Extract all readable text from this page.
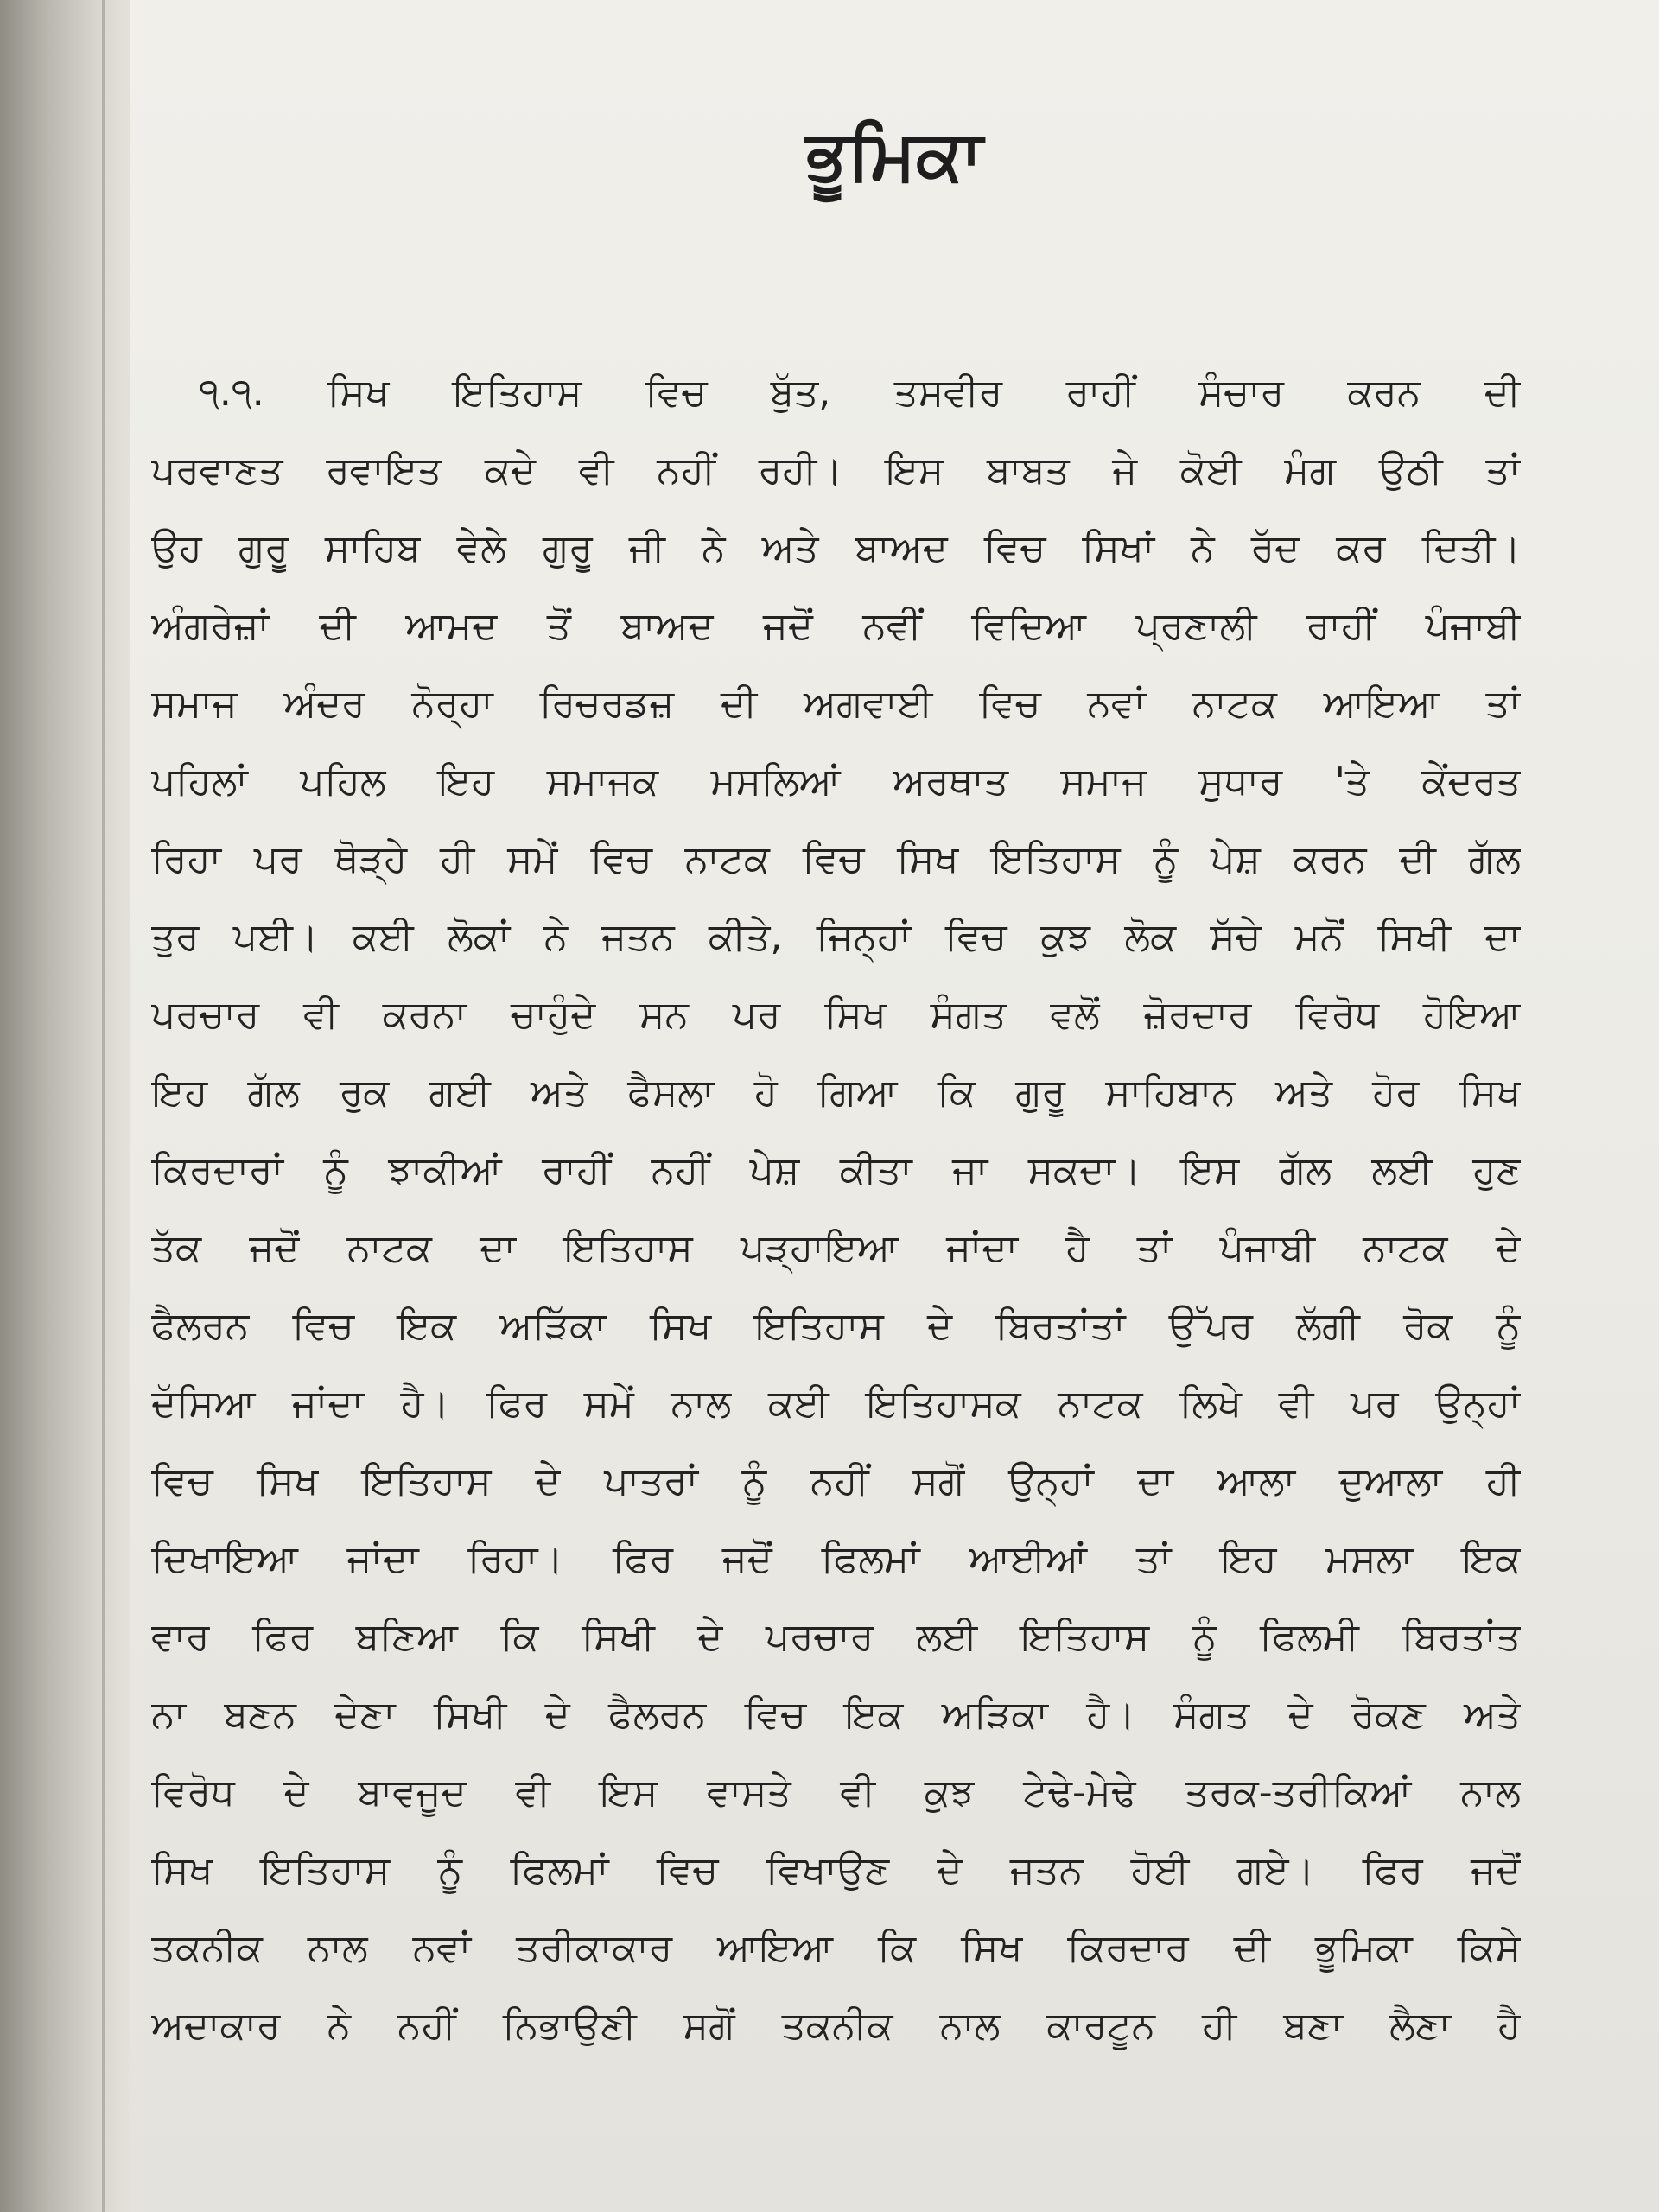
ਭੂਮਿਕਾ
੧.੧. ਸਿਖ ਇਤਿਹਾਸ ਵਿਚ ਬੁੱਤ, ਤਸਵੀਰ ਰਾਹੀਂ ਸੰਚਾਰ ਕਰਨ ਦੀ
ਪਰਵਾਣਤ ਰਵਾਇਤ ਕਦੇ ਵੀ ਨਹੀਂ ਰਹੀ। ਇਸ ਬਾਬਤ ਜੇ ਕੋਈ ਮੰਗ ਉਠੀ ਤਾਂ
ਉਹ ਗੁਰੂ ਸਾਹਿਬ ਵੇਲੇ ਗੁਰੂ ਜੀ ਨੇ ਅਤੇ ਬਾਅਦ ਵਿਚ ਸਿਖਾਂ ਨੇ ਰੱਦ ਕਰ ਦਿਤੀ।
ਅੰਗਰੇਜ਼ਾਂ ਦੀ ਆਮਦ ਤੋਂ ਬਾਅਦ ਜਦੋਂ ਨਵੀਂ ਵਿਦਿਆ ਪ੍ਰਣਾਲੀ ਰਾਹੀਂ ਪੰਜਾਬੀ
ਸਮਾਜ ਅੰਦਰ ਨੋਰ੍ਹਾ ਰਿਚਰਡਜ਼ ਦੀ ਅਗਵਾਈ ਵਿਚ ਨਵਾਂ ਨਾਟਕ ਆਇਆ ਤਾਂ
ਪਹਿਲਾਂ ਪਹਿਲ ਇਹ ਸਮਾਜਕ ਮਸਲਿਆਂ ਅਰਥਾਤ ਸਮਾਜ ਸੁਧਾਰ 'ਤੇ ਕੇਂਦਰਤ
ਰਿਹਾ ਪਰ ਥੋੜ੍ਹੇ ਹੀ ਸਮੇਂ ਵਿਚ ਨਾਟਕ ਵਿਚ ਸਿਖ ਇਤਿਹਾਸ ਨੂੰ ਪੇਸ਼ ਕਰਨ ਦੀ ਗੱਲ
ਤੁਰ ਪਈ। ਕਈ ਲੋਕਾਂ ਨੇ ਜਤਨ ਕੀਤੇ, ਜਿਨ੍ਹਾਂ ਵਿਚ ਕੁਝ ਲੋਕ ਸੱਚੇ ਮਨੋਂ ਸਿਖੀ ਦਾ
ਪਰਚਾਰ ਵੀ ਕਰਨਾ ਚਾਹੁੰਦੇ ਸਨ ਪਰ ਸਿਖ ਸੰਗਤ ਵਲੋਂ ਜ਼ੋਰਦਾਰ ਵਿਰੋਧ ਹੋਇਆ
ਇਹ ਗੱਲ ਰੁਕ ਗਈ ਅਤੇ ਫੈਸਲਾ ਹੋ ਗਿਆ ਕਿ ਗੁਰੂ ਸਾਹਿਬਾਨ ਅਤੇ ਹੋਰ ਸਿਖ
ਕਿਰਦਾਰਾਂ ਨੂੰ ਝਾਕੀਆਂ ਰਾਹੀਂ ਨਹੀਂ ਪੇਸ਼ ਕੀਤਾ ਜਾ ਸਕਦਾ। ਇਸ ਗੱਲ ਲਈ ਹੁਣ
ਤੱਕ ਜਦੋਂ ਨਾਟਕ ਦਾ ਇਤਿਹਾਸ ਪੜ੍ਹਾਇਆ ਜਾਂਦਾ ਹੈ ਤਾਂ ਪੰਜਾਬੀ ਨਾਟਕ ਦੇ
ਫੈਲਰਨ ਵਿਚ ਇਕ ਅੜਿੱਕਾ ਸਿਖ ਇਤਿਹਾਸ ਦੇ ਬਿਰਤਾਂਤਾਂ ਉੱਪਰ ਲੱਗੀ ਰੋਕ ਨੂੰ
ਦੱਸਿਆ ਜਾਂਦਾ ਹੈ। ਫਿਰ ਸਮੇਂ ਨਾਲ ਕਈ ਇਤਿਹਾਸਕ ਨਾਟਕ ਲਿਖੇ ਵੀ ਪਰ ਉਨ੍ਹਾਂ
ਵਿਚ ਸਿਖ ਇਤਿਹਾਸ ਦੇ ਪਾਤਰਾਂ ਨੂੰ ਨਹੀਂ ਸਗੋਂ ਉਨ੍ਹਾਂ ਦਾ ਆਲਾ ਦੁਆਲਾ ਹੀ
ਦਿਖਾਇਆ ਜਾਂਦਾ ਰਿਹਾ। ਫਿਰ ਜਦੋਂ ਫਿਲਮਾਂ ਆਈਆਂ ਤਾਂ ਇਹ ਮਸਲਾ ਇਕ
ਵਾਰ ਫਿਰ ਬਣਿਆ ਕਿ ਸਿਖੀ ਦੇ ਪਰਚਾਰ ਲਈ ਇਤਿਹਾਸ ਨੂੰ ਫਿਲਮੀ ਬਿਰਤਾਂਤ
ਨਾ ਬਣਨ ਦੇਣਾ ਸਿਖੀ ਦੇ ਫੈਲਰਨ ਵਿਚ ਇਕ ਅੜਿਕਾ ਹੈ। ਸੰਗਤ ਦੇ ਰੋਕਣ ਅਤੇ
ਵਿਰੋਧ ਦੇ ਬਾਵਜੂਦ ਵੀ ਇਸ ਵਾਸਤੇ ਵੀ ਕੁਝ ਟੇਢੇ-ਮੇਢੇ ਤਰਕ-ਤਰੀਕਿਆਂ ਨਾਲ
ਸਿਖ ਇਤਿਹਾਸ ਨੂੰ ਫਿਲਮਾਂ ਵਿਚ ਵਿਖਾਉਣ ਦੇ ਜਤਨ ਹੋਈ ਗਏ। ਫਿਰ ਜਦੋਂ
ਤਕਨੀਕ ਨਾਲ ਨਵਾਂ ਤਰੀਕਾਕਾਰ ਆਇਆ ਕਿ ਸਿਖ ਕਿਰਦਾਰ ਦੀ ਭੂਮਿਕਾ ਕਿਸੇ
ਅਦਾਕਾਰ ਨੇ ਨਹੀਂ ਨਿਭਾਉਣੀ ਸਗੋਂ ਤਕਨੀਕ ਨਾਲ ਕਾਰਟੂਨ ਹੀ ਬਣਾ ਲੈਣਾ ਹੈ
